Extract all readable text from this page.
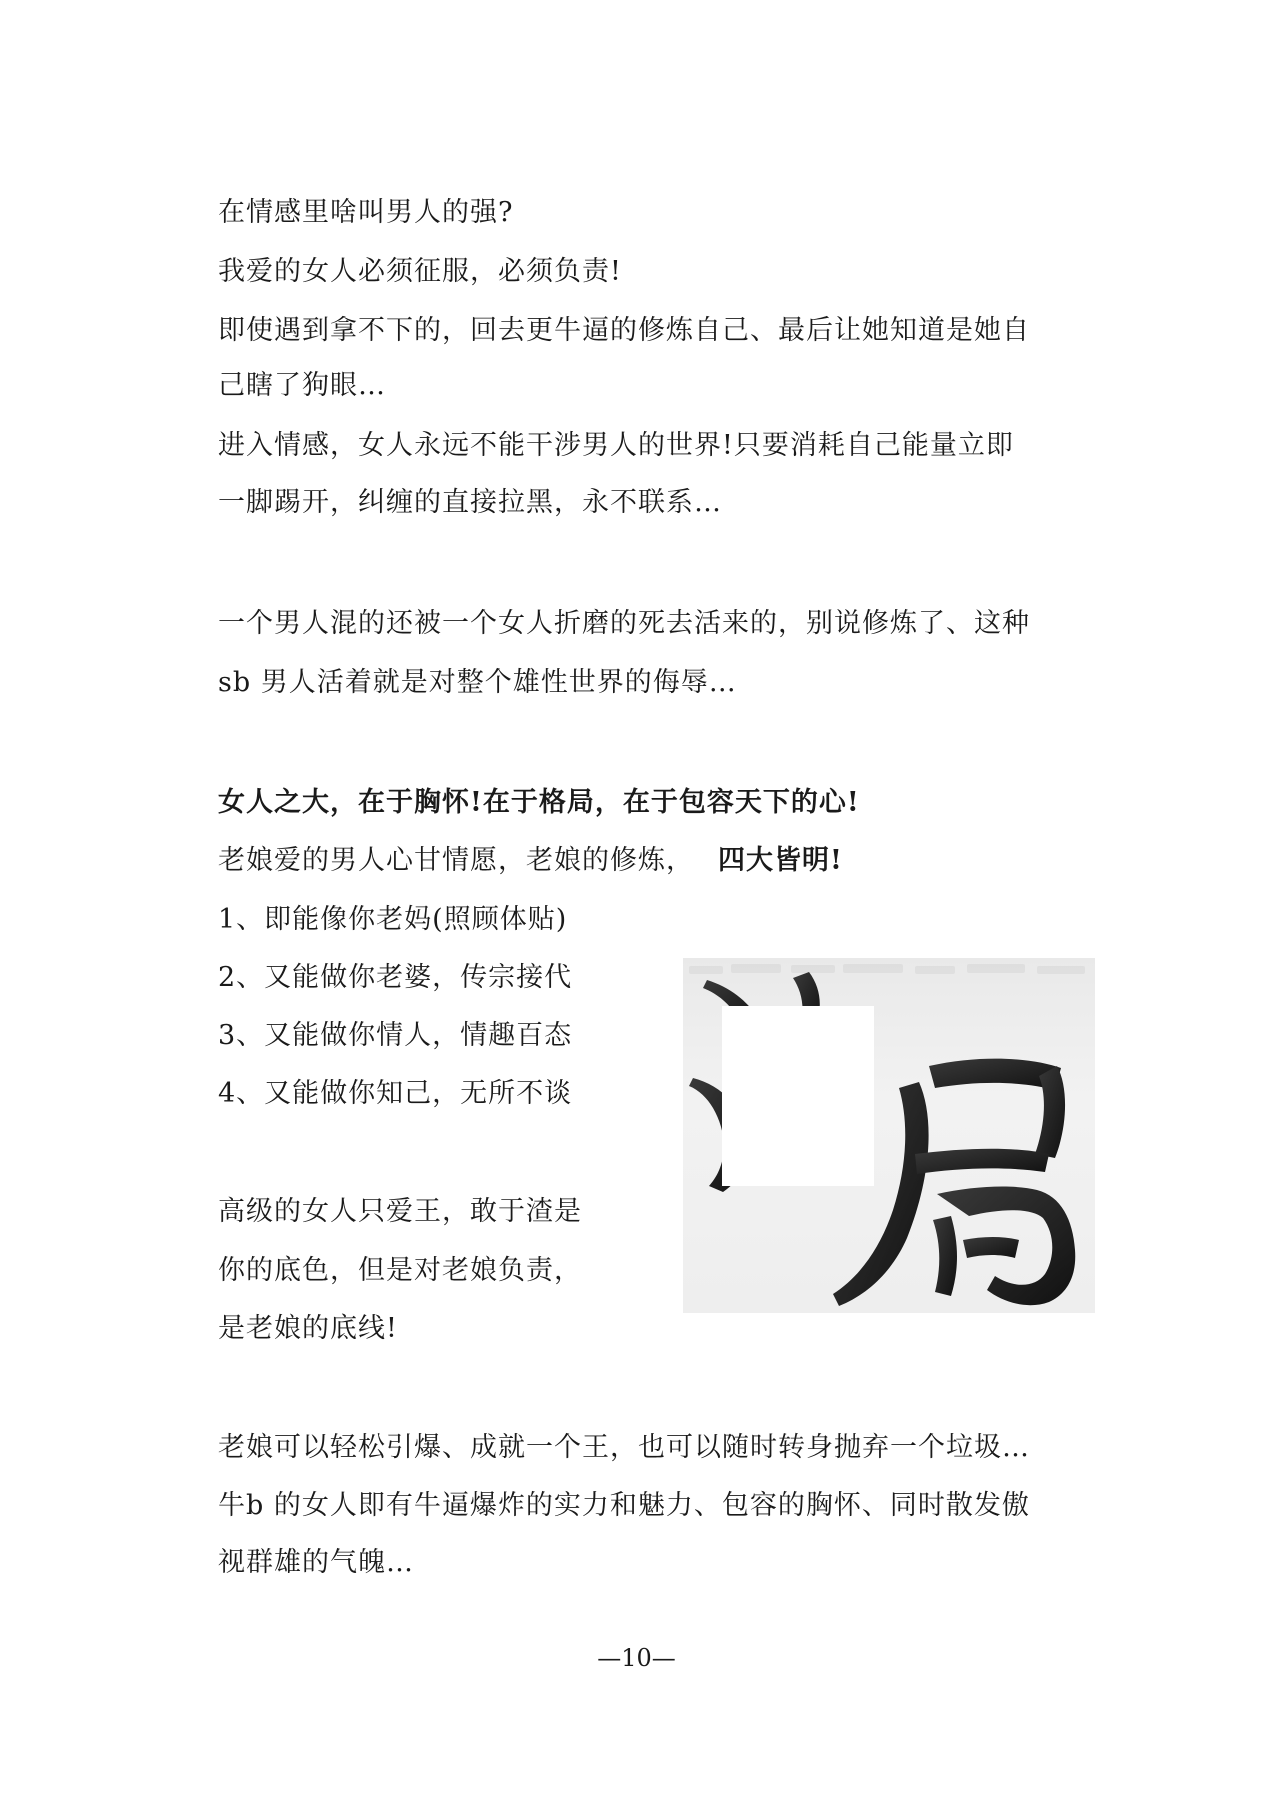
在情感里啥叫男人的强?
我爱的女人必须征服，必须负责!
即使遇到拿不下的，回去更牛逼的修炼自己、最后让她知道是她自
己瞎了狗眼…
进入情感，女人永远不能干涉男人的世界!只要消耗自己能量立即
一脚踢开，纠缠的直接拉黑，永不联系…
一个男人混的还被一个女人折磨的死去活来的，别说修炼了、这种
sb 男人活着就是对整个雄性世界的侮辱…
女人之大，在于胸怀!在于格局，在于包容天下的心!
老娘爱的男人心甘情愿，老娘的修炼， 四大皆明!
1、即能像你老妈(照顾体贴)
2、又能做你老婆，传宗接代
3、又能做你情人，情趣百态
4、又能做你知己，无所不谈
高级的女人只爱王，敢于渣是
你的底色，但是对老娘负责，
是老娘的底线!
老娘可以轻松引爆、成就一个王，也可以随时转身抛弃一个垃圾…
牛b 的女人即有牛逼爆炸的实力和魅力、包容的胸怀、同时散发傲
视群雄的气魄…
—10—
